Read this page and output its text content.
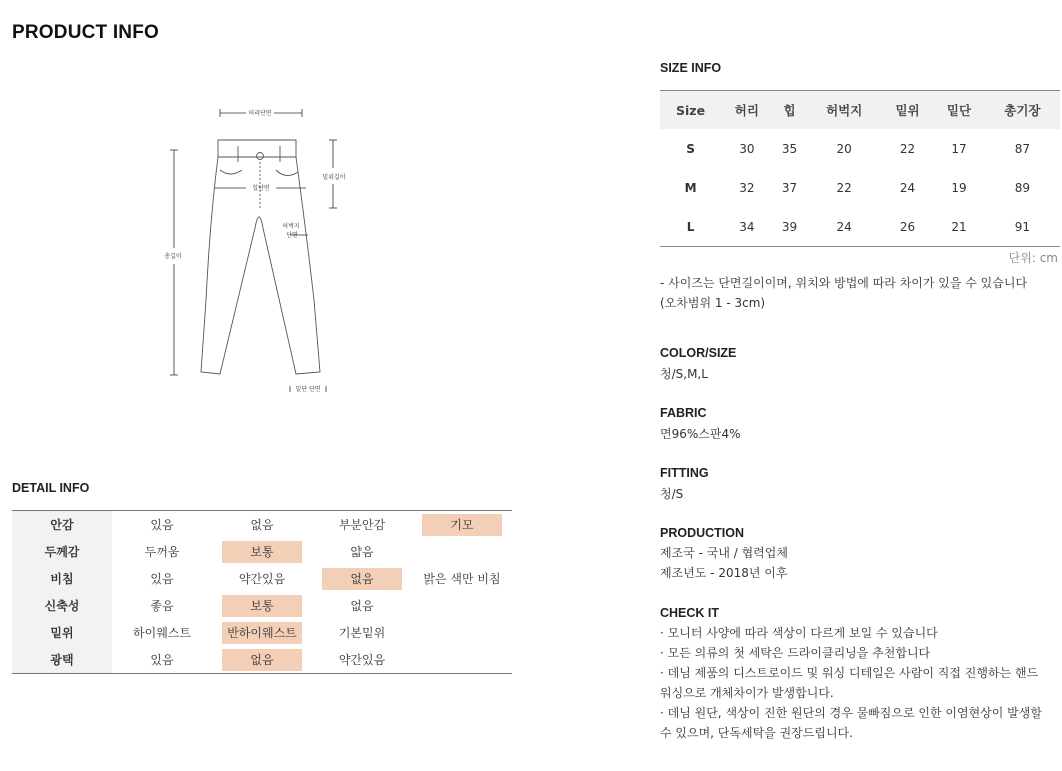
PRODUCT INFO
허리단면
밑위길이
힙단면
허벅지
단면
총길이
밑단 단면
DETAIL INFO
안감	있음	없음	부분안감	기모
두께감	두꺼움	보통	얇음	
비침	있음	약간있음	없음	밝은 색만 비침
신축성	좋음	보통	없음	
밑위	하이웨스트	반하이웨스트	기본밑위	
광택	있음	없음	약간있음	
SIZE INFO
Size	허리	힙	허벅지	밑위	밑단	총기장
S	30	35	20	22	17	87
M	32	37	22	24	19	89
L	34	39	24	26	21	91
단위: cm
- 사이즈는 단면길이이며, 위치와 방법에 따라 차이가 있을 수 있습니다
(오차범위 1 - 3cm)
COLOR/SIZE
청/S,M,L
FABRIC
면96%스판4%
FITTING
청/S
PRODUCTION
제조국 - 국내 / 협력업체
제조년도 - 2018년 이후
CHECK IT
· 모니터 사양에 따라 색상이 다르게 보일 수 있습니다
· 모든 의류의 첫 세탁은 드라이클리닝을 추천합니다
· 데님 제품의 디스트로이드 및 워싱 디테일은 사람이 직접 진행하는 핸드
워싱으로 개체차이가 발생합니다.
· 데님 원단, 색상이 진한 원단의 경우 물빠짐으로 인한 이염현상이 발생할
수 있으며, 단독세탁을 권장드립니다.
